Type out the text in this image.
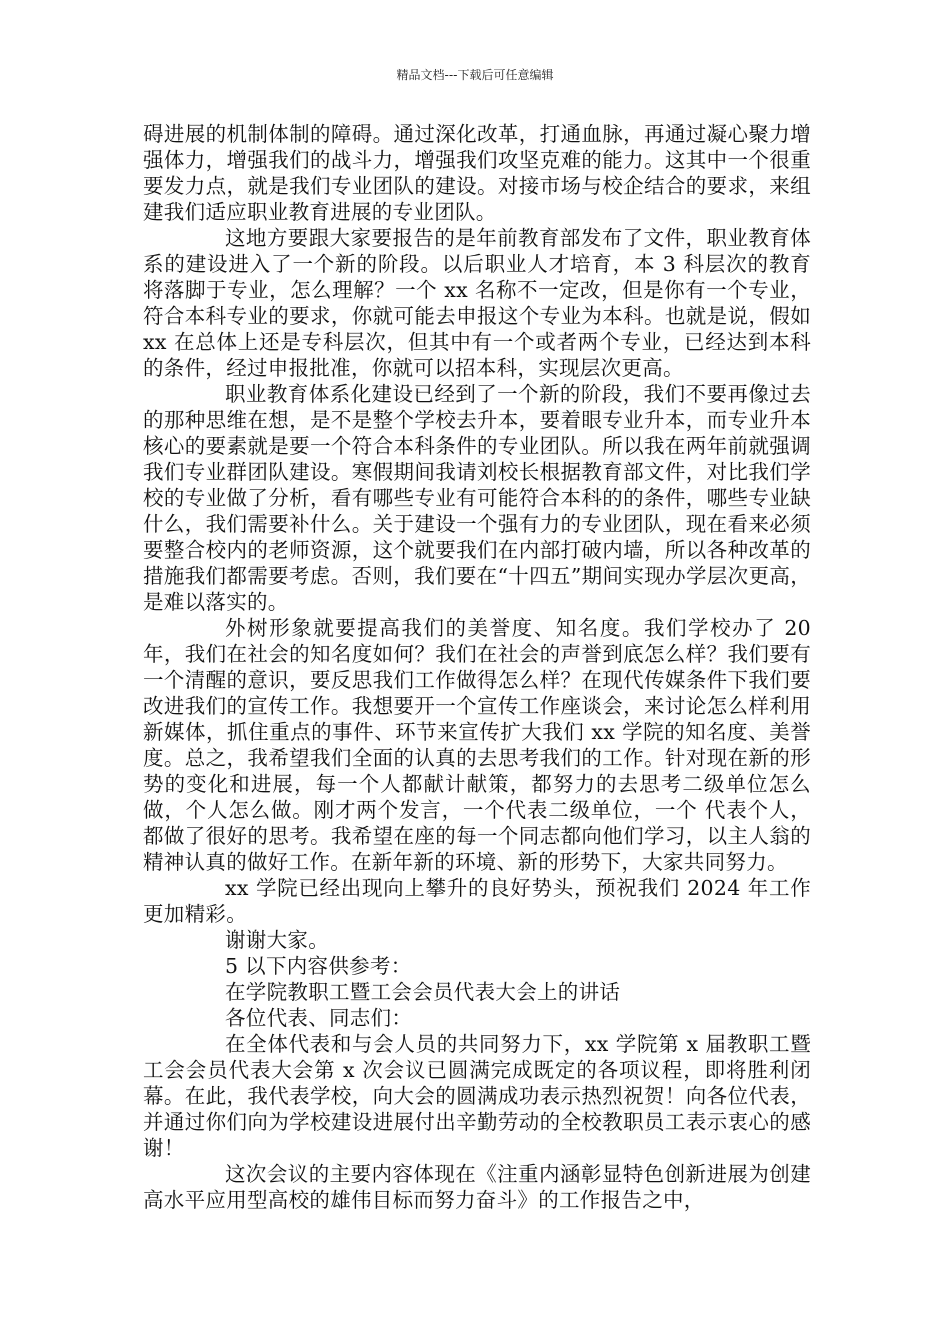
精品文档---下载后可任意编辑

碍进展的机制体制的障碍。通过深化改革，打通血脉，再通过凝心聚力增强体力，增强我们的战斗力，增强我们攻坚克难的能力。这其中一个很重要发力点，就是我们专业团队的建设。对接市场与校企结合的要求，来组建我们适应职业教育进展的专业团队。

这地方要跟大家要报告的是年前教育部发布了文件，职业教育体系的建设进入了一个新的阶段。以后职业人才培育，本 3 科层次的教育将落脚于专业，怎么理解？一个 xx 名称不一定改，但是你有一个专业，符合本科专业的要求，你就可能去申报这个专业为本科。也就是说，假如 xx 在总体上还是专科层次，但其中有一个或者两个专业，已经达到本科的条件，经过申报批准，你就可以招本科，实现层次更高。

职业教育体系化建设已经到了一个新的阶段，我们不要再像过去的那种思维在想，是不是整个学校去升本，要着眼专业升本，而专业升本核心的要素就是要一个符合本科条件的专业团队。所以我在两年前就强调我们专业群团队建设。寒假期间我请刘校长根据教育部文件，对比我们学校的专业做了分析，看有哪些专业有可能符合本科的的条件，哪些专业缺什么，我们需要补什么。关于建设一个强有力的专业团队，现在看来必须要整合校内的老师资源，这个就要我们在内部打破内墙，所以各种改革的措施我们都需要考虑。否则，我们要在“十四五”期间实现办学层次更高，是难以落实的。

外树形象就要提高我们的美誉度、知名度。我们学校办了 20 年，我们在社会的知名度如何？我们在社会的声誉到底怎么样？我们要有一个清醒的意识，要反思我们工作做得怎么样？在现代传媒条件下我们要改进我们的宣传工作。我想要开一个宣传工作座谈会，来讨论怎么样利用新媒体，抓住重点的事件、环节来宣传扩大我们 xx 学院的知名度、美誉度。总之，我希望我们全面的认真的去思考我们的工作。针对现在新的形势的变化和进展，每一个人都献计献策，都努力的去思考二级单位怎么做，个人怎么做。刚才两个发言，一个代表二级单位，一个 代表个人，都做了很好的思考。我希望在座的每一个同志都向他们学习，以主人翁的精神认真的做好工作。在新年新的环境、新的形势下，大家共同努力。

xx 学院已经出现向上攀升的良好势头，预祝我们 2024 年工作更加精彩。

谢谢大家。

5 以下内容供参考：

在学院教职工暨工会会员代表大会上的讲话

各位代表、同志们：

在全体代表和与会人员的共同努力下，xx 学院第 x 届教职工暨工会会员代表大会第 x 次会议已圆满完成既定的各项议程，即将胜利闭幕。在此，我代表学校，向大会的圆满成功表示热烈祝贺！向各位代表，并通过你们向为学校建设进展付出辛勤劳动的全校教职员工表示衷心的感谢！

这次会议的主要内容体现在《注重内涵彰显特色创新进展为创建高水平应用型高校的雄伟目标而努力奋斗》的工作报告之中，
